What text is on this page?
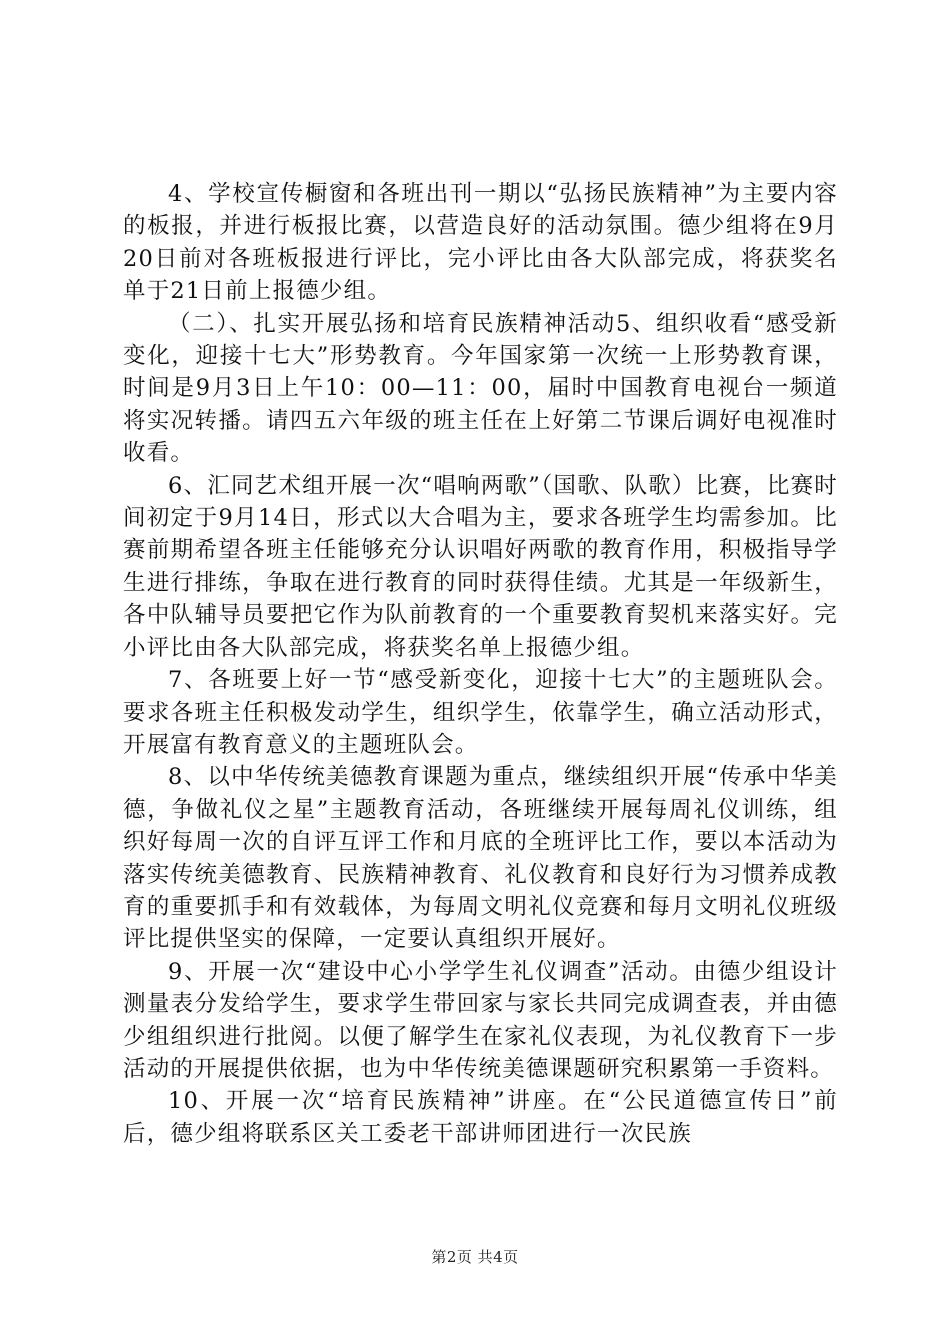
4、学校宣传橱窗和各班出刊一期以“弘扬民族精神”为主要内容的板报，并进行板报比赛，以营造良好的活动氛围。德少组将在9月20日前对各班板报进行评比，完小评比由各大队部完成，将获奖名单于21日前上报德少组。

（二）、扎实开展弘扬和培育民族精神活动5、组织收看“感受新变化，迎接十七大”形势教育。今年国家第一次统一上形势教育课，时间是9月3日上午10：00—11：00，届时中国教育电视台一频道将实况转播。请四五六年级的班主任在上好第二节课后调好电视准时收看。

6、汇同艺术组开展一次“唱响两歌”（国歌、队歌）比赛，比赛时间初定于9月14日，形式以大合唱为主，要求各班学生均需参加。比赛前期希望各班主任能够充分认识唱好两歌的教育作用，积极指导学生进行排练，争取在进行教育的同时获得佳绩。尤其是一年级新生，各中队辅导员要把它作为队前教育的一个重要教育契机来落实好。完小评比由各大队部完成，将获奖名单上报德少组。

7、各班要上好一节“感受新变化，迎接十七大”的主题班队会。要求各班主任积极发动学生，组织学生，依靠学生，确立活动形式，开展富有教育意义的主题班队会。

8、以中华传统美德教育课题为重点，继续组织开展“传承中华美德，争做礼仪之星”主题教育活动，各班继续开展每周礼仪训练，组织好每周一次的自评互评工作和月底的全班评比工作，要以本活动为落实传统美德教育、民族精神教育、礼仪教育和良好行为习惯养成教育的重要抓手和有效载体，为每周文明礼仪竞赛和每月文明礼仪班级评比提供坚实的保障，一定要认真组织开展好。

9、开展一次“建设中心小学学生礼仪调查”活动。由德少组设计测量表分发给学生，要求学生带回家与家长共同完成调查表，并由德少组组织进行批阅。以便了解学生在家礼仪表现，为礼仪教育下一步活动的开展提供依据，也为中华传统美德课题研究积累第一手资料。

10、开展一次“培育民族精神”讲座。在“公民道德宣传日”前后，德少组将联系区关工委老干部讲师团进行一次民族

第2页 共4页
